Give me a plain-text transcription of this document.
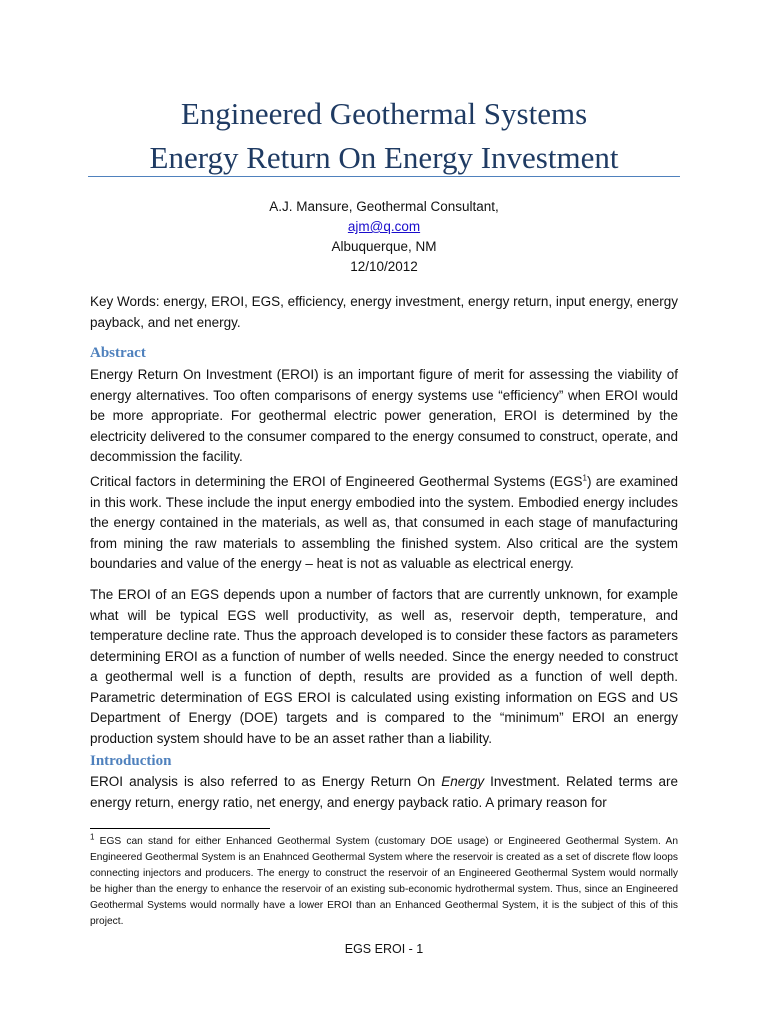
Engineered Geothermal Systems
Energy Return On Energy Investment
A.J. Mansure, Geothermal Consultant,
ajm@q.com
Albuquerque, NM
12/10/2012
Key Words: energy, EROI, EGS, efficiency, energy investment, energy return, input energy, energy payback, and net energy.
Abstract
Energy Return On Investment (EROI) is an important figure of merit for assessing the viability of energy alternatives. Too often comparisons of energy systems use “efficiency” when EROI would be more appropriate. For geothermal electric power generation, EROI is determined by the electricity delivered to the consumer compared to the energy consumed to construct, operate, and decommission the facility.
Critical factors in determining the EROI of Engineered Geothermal Systems (EGS$^1$) are examined in this work. These include the input energy embodied into the system. Embodied energy includes the energy contained in the materials, as well as, that consumed in each stage of manufacturing from mining the raw materials to assembling the finished system. Also critical are the system boundaries and value of the energy – heat is not as valuable as electrical energy.
The EROI of an EGS depends upon a number of factors that are currently unknown, for example what will be typical EGS well productivity, as well as, reservoir depth, temperature, and temperature decline rate. Thus the approach developed is to consider these factors as parameters determining EROI as a function of number of wells needed. Since the energy needed to construct a geothermal well is a function of depth, results are provided as a function of well depth. Parametric determination of EGS EROI is calculated using existing information on EGS and US Department of Energy (DOE) targets and is compared to the “minimum” EROI an energy production system should have to be an asset rather than a liability.
Introduction
EROI analysis is also referred to as Energy Return On Energy Investment. Related terms are energy return, energy ratio, net energy, and energy payback ratio. A primary reason for
$^1$ EGS can stand for either Enhanced Geothermal System (customary DOE usage) or Engineered Geothermal System. An Engineered Geothermal System is an Enahnced Geothermal System where the reservoir is created as a set of discrete flow loops connecting injectors and producers. The energy to construct the reservoir of an Engineered Geothermal System would normally be higher than the energy to enhance the reservoir of an existing sub-economic hydrothermal system. Thus, since an Engineered Geothermal Systems would normally have a lower EROI than an Enhanced Geothermal System, it is the subject of this of this project.
EGS EROI - 1
